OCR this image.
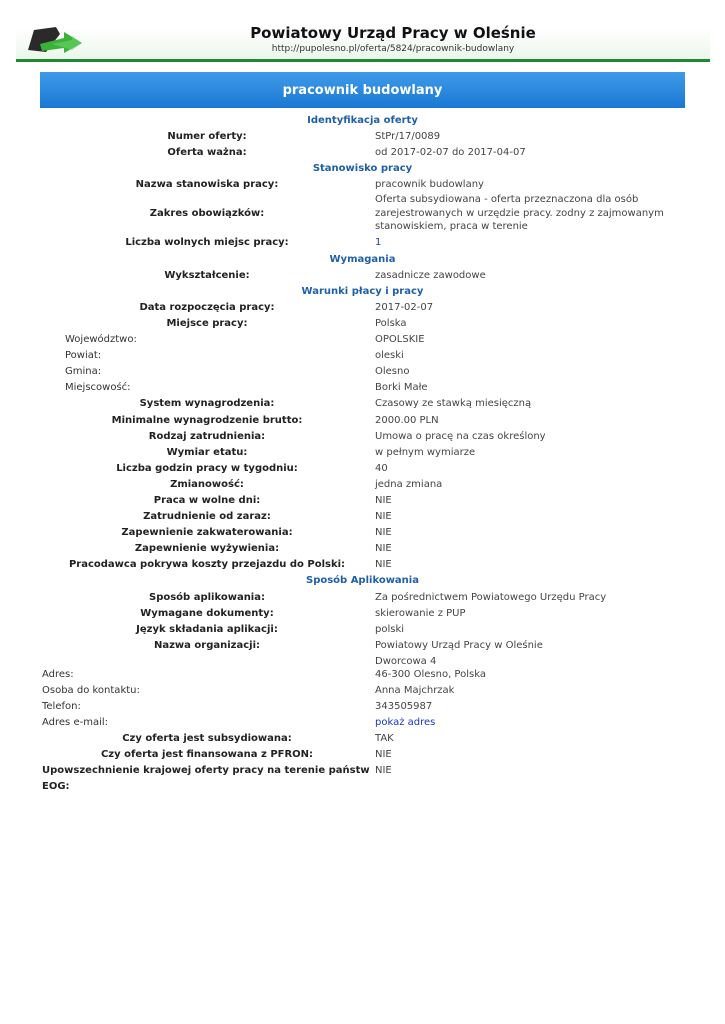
Powiatowy Urząd Pracy w Oleśnie
http://pupolesno.pl/oferta/5824/pracownik-budowlany
pracownik budowlany
Identyfikacja oferty
Numer oferty:	StPr/17/0089
Oferta ważna:	od 2017-02-07 do 2017-04-07
Stanowisko pracy
Nazwa stanowiska pracy:	pracownik budowlany
Zakres obowiązków:
Oferta subsydiowana - oferta przeznaczona dla osób zarejestrowanych w urzędzie pracy. zodny z zajmowanym stanowiskiem, praca w terenie
Liczba wolnych miejsc pracy:	1
Wymagania
Wykształcenie:	zasadnicze zawodowe
Warunki płacy i pracy
Data rozpoczęcia pracy:	2017-02-07
Miejsce pracy:	Polska
Województwo:	OPOLSKIE
Powiat:	oleski
Gmina:	Olesno
Miejscowość:	Borki Małe
System wynagrodzenia:	Czasowy ze stawką miesięczną
Minimalne wynagrodzenie brutto:	2000.00 PLN
Rodzaj zatrudnienia:	Umowa o pracę na czas określony
Wymiar etatu:	w pełnym wymiarze
Liczba godzin pracy w tygodniu:	40
Zmianowość:	jedna zmiana
Praca w wolne dni:	NIE
Zatrudnienie od zaraz:	NIE
Zapewnienie zakwaterowania:	NIE
Zapewnienie wyżywienia:	NIE
Pracodawca pokrywa koszty przejazdu do Polski:	NIE
Sposób Aplikowania
Sposób aplikowania:	Za pośrednictwem Powiatowego Urzędu Pracy
Wymagane dokumenty:	skierowanie z PUP
Język składania aplikacji:	polski
Nazwa organizacji:	Powiatowy Urząd Pracy w Oleśnie
Adres:
Dworcowa 4
46-300 Olesno, Polska
Osoba do kontaktu:	Anna Majchrzak
Telefon:	343505987
Adres e-mail:	pokaż adres
Czy oferta jest subsydiowana:	TAK
Czy oferta jest finansowana z PFRON:	NIE
Upowszechnienie krajowej oferty pracy na terenie państw EOG:
NIE
